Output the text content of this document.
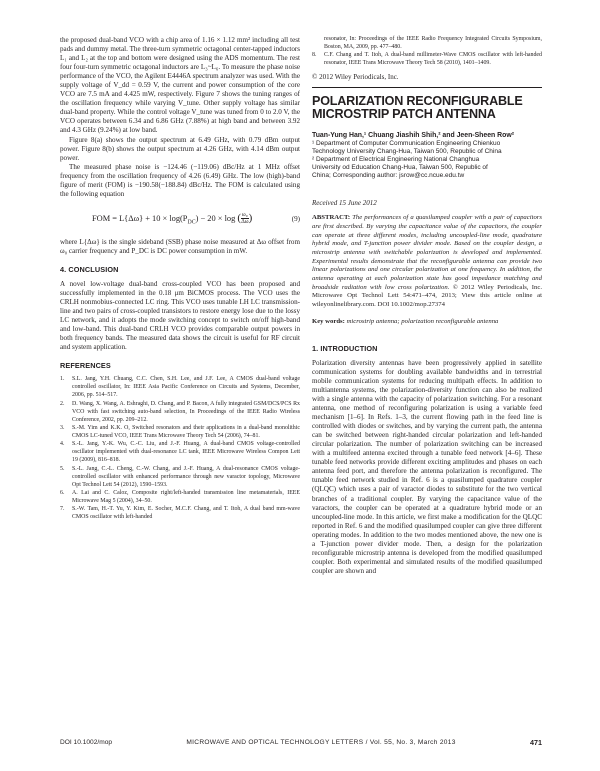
the proposed dual-band VCO with a chip area of 1.16 × 1.12 mm² including all test pads and dummy metal. The three-turn symmetric octagonal center-tapped inductors L₁ and L₂ at the top and bottom were designed using the ADS momentum. The rest four four-turn symmetric octagonal inductors are L₃~L₆. To measure the phase noise performance of the VCO, the Agilent E4446A spectrum analyzer was used. With the supply voltage of V_dd = 0.59 V, the current and power consumption of the core VCO are 7.5 mA and 4.425 mW, respectively. Figure 7 shows the tuning ranges of the oscillation frequency while varying V_tune. Other supply voltage has similar dual-band property. While the control voltage V_tune was tuned from 0 to 2.0 V, the VCO operates between 6.34 and 6.86 GHz (7.88%) at high band and between 3.92 and 4.3 GHz (9.24%) at low band.

Figure 8(a) shows the output spectrum at 6.49 GHz, with 0.79 dBm output power. Figure 8(b) shows the output spectrum at 4.26 GHz, with 4.14 dBm output power.

The measured phase noise is −124.46 (−119.06) dBc/Hz at 1 MHz offset frequency from the oscillation frequency of 4.26 (6.49) GHz. The low (high)-band figure of merit (FOM) is −190.58(−188.84) dBc/Hz. The FOM is calculated using the following equation

FOM = $L\{\Delta\omega\} + 10 \times \log(P_{DC}) - 20 \times \log$ ( $\frac{\text{ω₀}}{\Delta\omega}$ )	(9)

where L{Δω} is the single sideband (SSB) phase noise measured at Δω offset from ω₀ carrier frequency and P_DC is DC power consumption in mW.

4. CONCLUSION

A novel low-voltage dual-band cross-coupled VCO has been proposed and successfully implemented in the 0.18 μm BiCMOS process. The VCO uses the CRLH nonmobius-connected LC ring. This VCO uses tunable LH LC transmission-line and two pairs of cross-coupled transistors to restore energy lose due to the lossy LC network, and it adopts the mode switching concept to switch on/off high-band and low-band. This dual-band CRLH VCO provides comparable output powers in both frequency bands. The measured data shows the circuit is useful for RF circuit and system application.

REFERENCES
1.	S.L. Jang, Y.H. Chuang, C.C. Chen, S.H. Lee, and J.F. Lee, A CMOS dual-band voltage controlled oscillator, In: IEEE Asia Pacific Conference on Circuits and Systems, December, 2006, pp. 514–517.
2.	D. Wang, X. Wang, A. Eshraghi, D. Chang, and P. Bacon, A fully integrated GSM/DCS/PCS Rx VCO with fast switching auto-band selection, In Proceedings of the IEEE Radio Wireless Conference, 2002, pp. 209–212.
3.	S.-M. Yim and K.K. O, Switched resonators and their applications in a dual-band monolithic CMOS LC-tuned VCO, IEEE Trans Microwave Theory Tech 54 (2006), 74–81.
4.	S.-L. Jang, Y.-K. Wu, C.-C. Liu, and J.-F. Huang, A dual-band CMOS voltage-controlled oscillator implemented with dual-resonance LC tank, IEEE Microwave Wireless Compon Lett 19 (2009), 816–818.
5.	S.-L. Jang, C.-L. Cheng, C.-W. Chang, and J.-F. Huang, A dual-resonance CMOS voltage-controlled oscillator with enhanced performance through new varactor topology, Microwave Opt Technol Lett 54 (2012), 1590–1593.
6.	A. Lai and C. Caloz, Composite right/left-handed transmission line metamaterials, IEEE Microwave Mag 5 (2004), 34–50.
7.	S.-W. Tam, H.-T. Yu, Y. Kim, E. Socher, M.C.F. Chang, and T. Itoh, A dual band mm-wave CMOS oscillator with left-handed
resonator, In: Proceedings of the IEEE Radio Frequency Integrated Circuits Symposium, Boston, MA, 2009, pp. 477–480.
8.	C.F. Chang and T. Itoh, A dual-band millimeter-Wave CMOS oscillator with left-handed resonator, IEEE Trans Microwave Theory Tech 58 (2010), 1401–1409.
© 2012 Wiley Periodicals, Inc.
POLARIZATION RECONFIGURABLE
MICROSTRIP PATCH ANTENNA
Tuan-Yung Han,¹ Chuang Jiashih Shih,² and Jeen-Sheen Row²
¹ Department of Computer Communication Engineering Chienkuo
Technology University Chang-Hua, Taiwan 500, Republic of China
² Department of Electrical Engineering National Changhua
University od Education Chang-Hua, Taiwan 500, Republic of
China; Corresponding author: jsrow@cc.ncue.edu.tw
Received 15 June 2012

ABSTRACT: The performances of a quasilumped coupler with a pair of capacitors are first described. By varying the capacitance value of the capacitors, the coupler can operate at three different modes, including uncoupled-line mode, quadrature hybrid mode, and T-junction power divider mode. Based on the coupler design, a microstrip antenna with switchable polarization is developed and implemented. Experimental results demonstrate that the reconfigurable antenna can provide two linear polarizations and one circular polarization at one frequency. In addition, the antenna operating at each polarization state has good impedance matching and broadside radiation with low cross polarization. © 2012 Wiley Periodicals, Inc. Microwave Opt Technol Lett 54:471–474, 2013; View this article online at wileyonlinelibrary.com. DOI 10.1002/mop.27374

Key words: microstrip antenna; polarization reconfigurable antenna
1. INTRODUCTION

Polarization diversity antennas have been progressively applied in satellite communication systems for doubling available bandwidths and in terrestrial mobile communication systems for reducing multipath effects. In addition to multiantenna systems, the polarization-diversity function can also be realized with a single antenna with the capacity of polarization switching. For a resonant antenna, one method of reconfiguring polarization is using a variable feed mechanism [1–6]. In Refs. 1–3, the current flowing path in the feed line is controlled with diodes or switches, and by varying the current path, the antenna can be switched between right-handed circular polarization and left-handed circular polarization. The number of polarization switching can be increased with a multifeed antenna excited through a tunable feed network [4–6]. These tunable feed networks provide different exciting amplitudes and phases on each antenna feed port, and therefore the antenna polarization is reconfigured. The tunable feed network studied in Ref. 6 is a quasilumped quadrature coupler (QLQC) which uses a pair of varactor diodes to substitute for the two vertical branches of a traditional coupler. By varying the capacitance value of the varactors, the coupler can be operated at a quadrature hybrid mode or an uncoupled-line mode. In this article, we first make a modification for the QLQC reported in Ref. 6 and the modified quasilumped coupler can give three different operating modes. In addition to the two modes mentioned above, the new one is a T-junction power divider mode. Then, a design for the polarization reconfigurable microstrip antenna is developed from the modified quasilumped coupler. Both experimental and simulated results of the modified quasilumped coupler are shown and

DOI 10.1002/mop	MICROWAVE AND OPTICAL TECHNOLOGY LETTERS / Vol. 55, No. 3, March 2013	471
